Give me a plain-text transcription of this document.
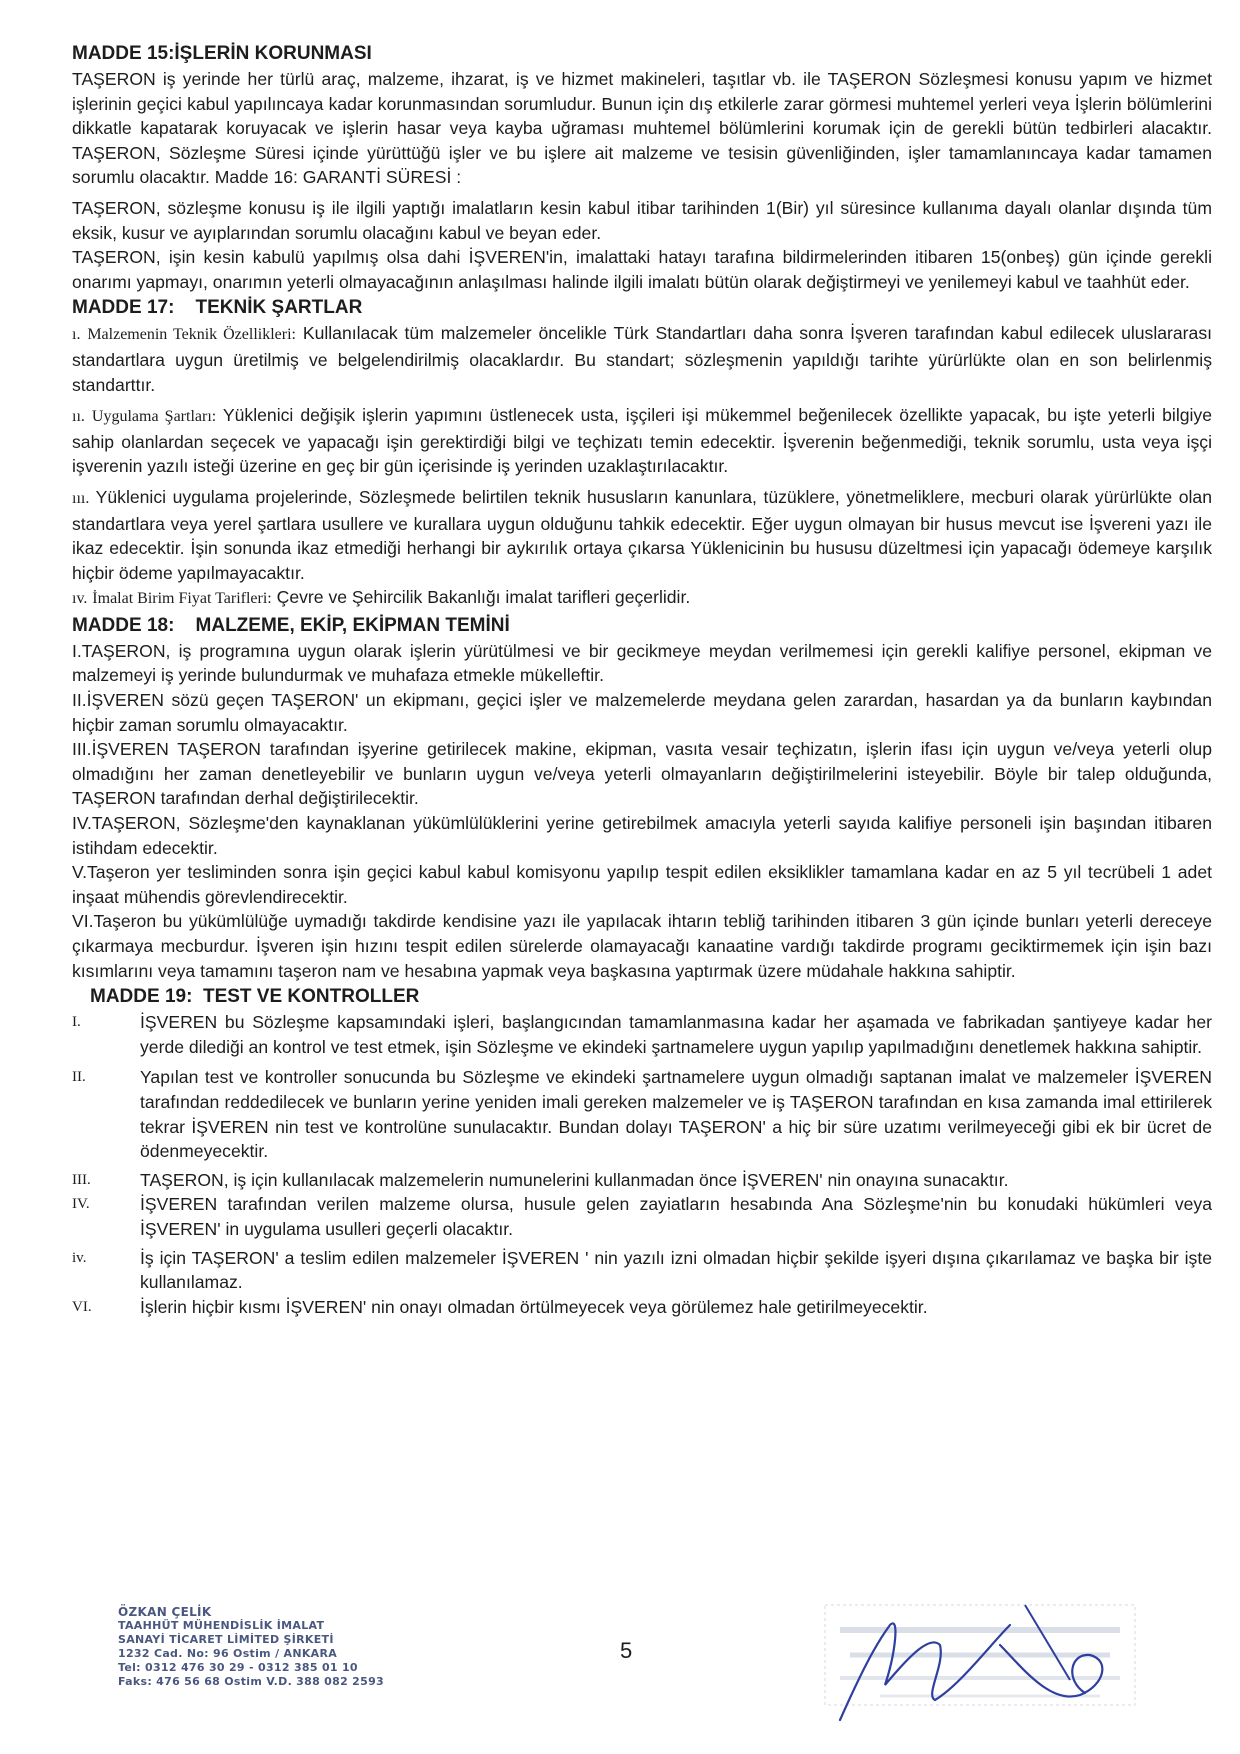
MADDE 15:İŞLERİN KORUNMASI

TAŞERON iş yerinde her türlü araç, malzeme, ihzarat, iş ve hizmet makineleri, taşıtlar vb. ile TAŞERON Sözleşmesi konusu yapım ve hizmet işlerinin geçici kabul yapılıncaya kadar korunmasından sorumludur. Bunun için dış etkilerle zarar görmesi muhtemel yerleri veya İşlerin bölümlerini dikkatle kapatarak koruyacak ve işlerin hasar veya kayba uğraması muhtemel bölümlerini korumak için de gerekli bütün tedbirleri alacaktır. TAŞERON, Sözleşme Süresi içinde yürüttüğü işler ve bu işlere ait malzeme ve tesisin güvenliğinden, işler tamamlanıncaya kadar tamamen sorumlu olacaktır. Madde 16: GARANTİ SÜRESİ :

TAŞERON, sözleşme konusu iş ile ilgili yaptığı imalatların kesin kabul itibar tarihinden 1(Bir) yıl süresince kullanıma dayalı olanlar dışında tüm eksik, kusur ve ayıplarından sorumlu olacağını kabul ve beyan eder.

TAŞERON, işin kesin kabulü yapılmış olsa dahi İŞVEREN'in, imalattaki hatayı tarafına bildirmelerinden itibaren 15(onbeş) gün içinde gerekli onarımı yapmayı, onarımın yeterli olmayacağının anlaşılması halinde ilgili imalatı bütün olarak değiştirmeyi ve yenilemeyi kabul ve taahhüt eder.

MADDE 17:    TEKNİK ŞARTLAR

ı. Malzemenin Teknik Özellikleri: Kullanılacak tüm malzemeler öncelikle Türk Standartları daha sonra İşveren tarafından kabul edilecek uluslararası standartlara uygun üretilmiş ve belgelendirilmiş olacaklardır. Bu standart; sözleşmenin yapıldığı tarihte yürürlükte olan en son belirlenmiş standarttır.

ıı. Uygulama Şartları: Yüklenici değişik işlerin yapımını üstlenecek usta, işçileri işi mükemmel beğenilecek özellikte yapacak, bu işte yeterli bilgiye sahip olanlardan seçecek ve yapacağı işin gerektirdiği bilgi ve teçhizatı temin edecektir. İşverenin beğenmediği, teknik sorumlu, usta veya işçi işverenin yazılı isteği üzerine en geç bir gün içerisinde iş yerinden uzaklaştırılacaktır.

ııı. Yüklenici uygulama projelerinde, Sözleşmede belirtilen teknik hususların kanunlara, tüzüklere, yönetmeliklere, mecburi olarak yürürlükte olan standartlara veya yerel şartlara usullere ve kurallara uygun olduğunu tahkik edecektir. Eğer uygun olmayan bir husus mevcut ise İşvereni yazı ile ikaz edecektir. İşin sonunda ikaz etmediği herhangi bir aykırılık ortaya çıkarsa Yüklenicinin bu hususu düzeltmesi için yapacağı ödemeye karşılık hiçbir ödeme yapılmayacaktır.

ıv. İmalat Birim Fiyat Tarifleri: Çevre ve Şehircilik Bakanlığı imalat tarifleri geçerlidir.

MADDE 18:    MALZEME, EKİP, EKİPMAN TEMİNİ

I.TAŞERON, iş programına uygun olarak işlerin yürütülmesi ve bir gecikmeye meydan verilmemesi için gerekli kalifiye personel, ekipman ve malzemeyi iş yerinde bulundurmak ve muhafaza etmekle mükelleftir.

II.İŞVEREN sözü geçen TAŞERON' un ekipmanı, geçici işler ve malzemelerde meydana gelen zarardan, hasardan ya da bunların kaybından hiçbir zaman sorumlu olmayacaktır.

III.İŞVEREN TAŞERON tarafından işyerine getirilecek makine, ekipman, vasıta vesair teçhizatın, işlerin ifası için uygun ve/veya yeterli olup olmadığını her zaman denetleyebilir ve bunların uygun ve/veya yeterli olmayanların değiştirilmelerini isteyebilir. Böyle bir talep olduğunda, TAŞERON tarafından derhal değiştirilecektir.

IV.TAŞERON, Sözleşme'den kaynaklanan yükümlülüklerini yerine getirebilmek amacıyla yeterli sayıda kalifiye personeli işin başından itibaren istihdam edecektir.

V.Taşeron yer tesliminden sonra işin geçici kabul kabul komisyonu yapılıp tespit edilen eksiklikler tamamlana kadar en az 5 yıl tecrübeli 1 adet inşaat mühendis görevlendirecektir.

VI.Taşeron bu yükümlülüğe uymadığı takdirde kendisine yazı ile yapılacak ihtarın tebliğ tarihinden itibaren 3 gün içinde bunları yeterli dereceye çıkarmaya mecburdur. İşveren işin hızını tespit edilen sürelerde olamayacağı kanaatine vardığı takdirde programı geciktirmemek için işin bazı kısımlarını veya tamamını taşeron nam ve hesabına yapmak veya başkasına yaptırmak üzere müdahale hakkına sahiptir.

MADDE 19:  TEST VE KONTROLLER
I.	İŞVEREN bu Sözleşme kapsamındaki işleri, başlangıcından tamamlanmasına kadar her aşamada ve fabrikadan şantiyeye kadar her yerde dilediği an kontrol ve test etmek, işin Sözleşme ve ekindeki şartnamelere uygun yapılıp yapılmadığını denetlemek hakkına sahiptir.
II.	Yapılan test ve kontroller sonucunda bu Sözleşme ve ekindeki şartnamelere uygun olmadığı saptanan imalat ve malzemeler İŞVEREN tarafından reddedilecek ve bunların yerine yeniden imali gereken malzemeler ve iş TAŞERON tarafından en kısa zamanda imal ettirilerek tekrar İŞVEREN nin test ve kontrolüne sunulacaktır. Bundan dolayı TAŞERON' a hiç bir süre uzatımı verilmeyeceği gibi ek bir ücret de ödenmeyecektir.
III.	TAŞERON, iş için kullanılacak malzemelerin numunelerini kullanmadan önce İŞVEREN' nin onayına sunacaktır.
IV.	İŞVEREN tarafından verilen malzeme olursa, husule gelen zayiatların hesabında Ana Sözleşme'nin bu konudaki hükümleri veya İŞVEREN' in uygulama usulleri geçerli olacaktır.
iv.	İş için TAŞERON' a teslim edilen malzemeler İŞVEREN ' nin yazılı izni olmadan hiçbir şekilde işyeri dışına çıkarılamaz ve başka bir işte kullanılamaz.
VI.	İşlerin hiçbir kısmı İŞVEREN' nin onayı olmadan örtülmeyecek veya görülemez hale getirilmeyecektir.
ÖZKAN ÇELİK
TAAHHÜT MÜHENDİSLİK İMALAT
SANAYİ TİCARET LİMİTED ŞİRKETİ
1232 Cad. No: 96 Ostim / ANKARA
Tel: 0312 476 30 29 - 0312 385 01 10
Faks: 476 56 68 Ostim V.D. 388 082 2593
5
